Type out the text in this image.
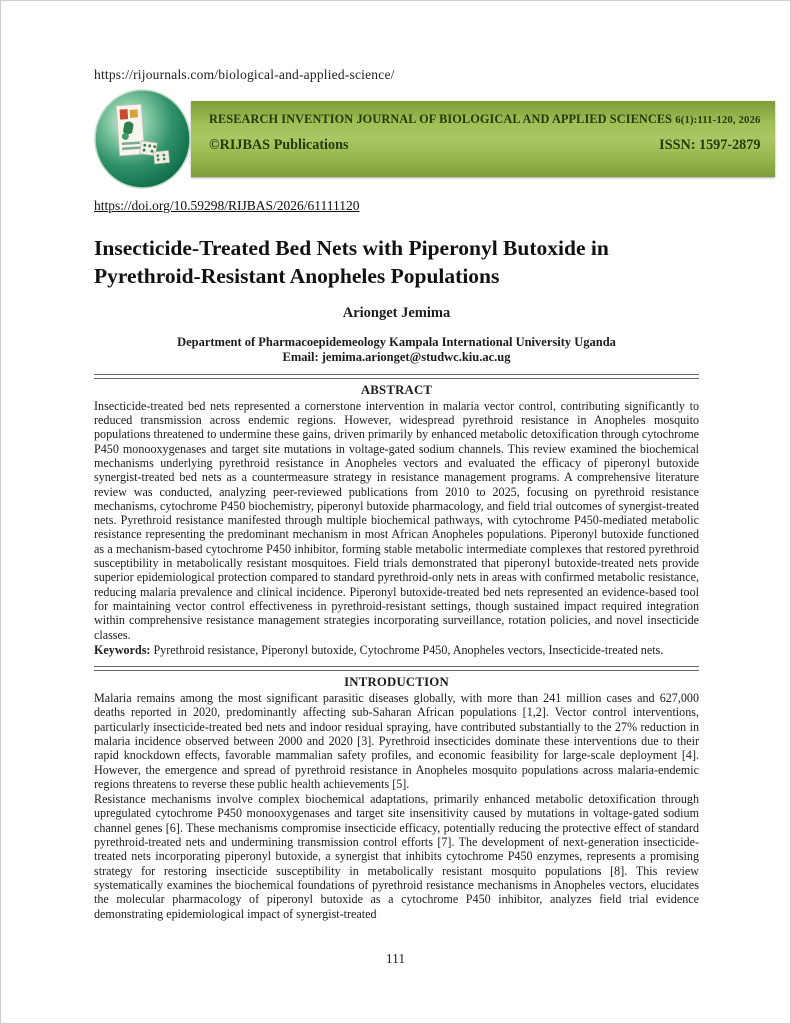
https://rijournals.com/biological-and-applied-science/
RESEARCH INVENTION JOURNAL OF BIOLOGICAL AND APPLIED SCIENCES 6(1):111-120, 2026
©RIJBAS Publications	ISSN: 1597-2879
https://doi.org/10.59298/RIJBAS/2026/61111120
Insecticide-Treated Bed Nets with Piperonyl Butoxide in Pyrethroid-Resistant Anopheles Populations
Arionget Jemima
Department of Pharmacoepidemeology Kampala International University Uganda
Email: jemima.arionget@studwc.kiu.ac.ug
ABSTRACT

Insecticide-treated bed nets represented a cornerstone intervention in malaria vector control, contributing significantly to reduced transmission across endemic regions. However, widespread pyrethroid resistance in Anopheles mosquito populations threatened to undermine these gains, driven primarily by enhanced metabolic detoxification through cytochrome P450 monooxygenases and target site mutations in voltage-gated sodium channels. This review examined the biochemical mechanisms underlying pyrethroid resistance in Anopheles vectors and evaluated the efficacy of piperonyl butoxide synergist-treated bed nets as a countermeasure strategy in resistance management programs. A comprehensive literature review was conducted, analyzing peer-reviewed publications from 2010 to 2025, focusing on pyrethroid resistance mechanisms, cytochrome P450 biochemistry, piperonyl butoxide pharmacology, and field trial outcomes of synergist-treated nets. Pyrethroid resistance manifested through multiple biochemical pathways, with cytochrome P450-mediated metabolic resistance representing the predominant mechanism in most African Anopheles populations. Piperonyl butoxide functioned as a mechanism-based cytochrome P450 inhibitor, forming stable metabolic intermediate complexes that restored pyrethroid susceptibility in metabolically resistant mosquitoes. Field trials demonstrated that piperonyl butoxide-treated nets provide superior epidemiological protection compared to standard pyrethroid-only nets in areas with confirmed metabolic resistance, reducing malaria prevalence and clinical incidence. Piperonyl butoxide-treated bed nets represented an evidence-based tool for maintaining vector control effectiveness in pyrethroid-resistant settings, though sustained impact required integration within comprehensive resistance management strategies incorporating surveillance, rotation policies, and novel insecticide classes.

Keywords: Pyrethroid resistance, Piperonyl butoxide, Cytochrome P450, Anopheles vectors, Insecticide-treated nets.

INTRODUCTION

Malaria remains among the most significant parasitic diseases globally, with more than 241 million cases and 627,000 deaths reported in 2020, predominantly affecting sub-Saharan African populations [1,2]. Vector control interventions, particularly insecticide-treated bed nets and indoor residual spraying, have contributed substantially to the 27% reduction in malaria incidence observed between 2000 and 2020 [3]. Pyrethroid insecticides dominate these interventions due to their rapid knockdown effects, favorable mammalian safety profiles, and economic feasibility for large-scale deployment [4]. However, the emergence and spread of pyrethroid resistance in Anopheles mosquito populations across malaria-endemic regions threatens to reverse these public health achievements [5].

Resistance mechanisms involve complex biochemical adaptations, primarily enhanced metabolic detoxification through upregulated cytochrome P450 monooxygenases and target site insensitivity caused by mutations in voltage-gated sodium channel genes [6]. These mechanisms compromise insecticide efficacy, potentially reducing the protective effect of standard pyrethroid-treated nets and undermining transmission control efforts [7]. The development of next-generation insecticide-treated nets incorporating piperonyl butoxide, a synergist that inhibits cytochrome P450 enzymes, represents a promising strategy for restoring insecticide susceptibility in metabolically resistant mosquito populations [8]. This review systematically examines the biochemical foundations of pyrethroid resistance mechanisms in Anopheles vectors, elucidates the molecular pharmacology of piperonyl butoxide as a cytochrome P450 inhibitor, analyzes field trial evidence demonstrating epidemiological impact of synergist-treated

111
